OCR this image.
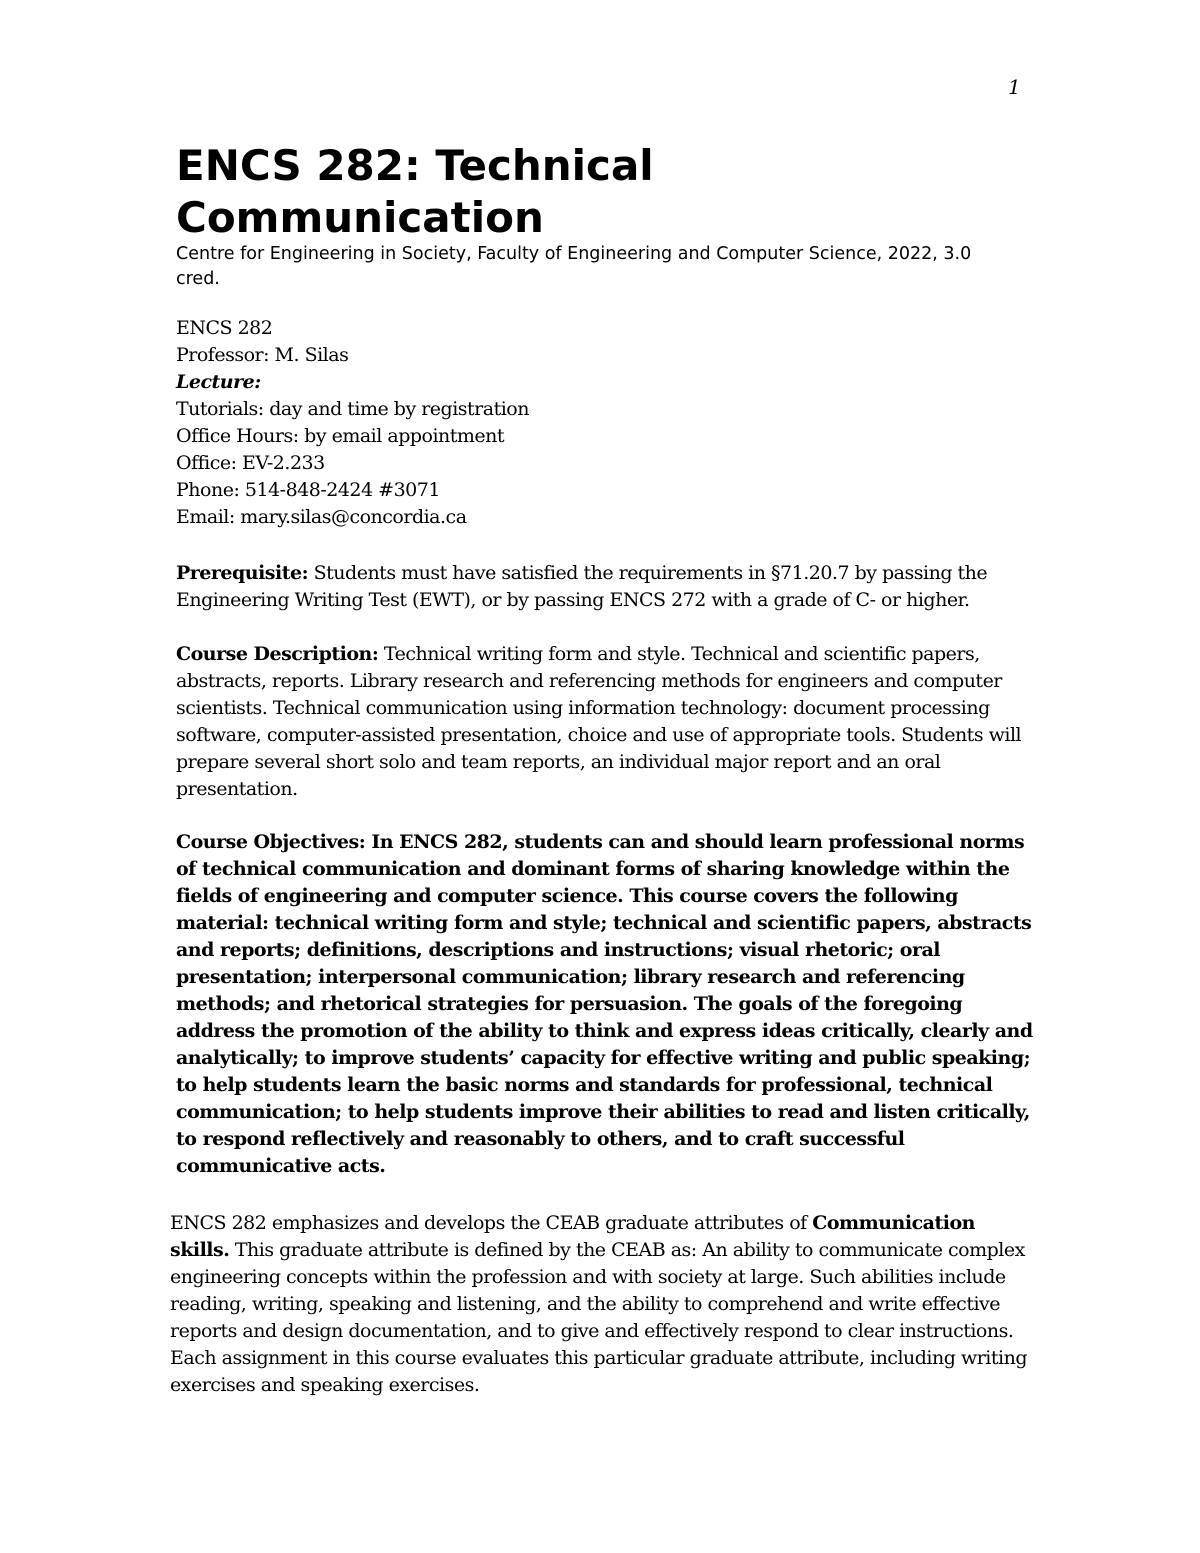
1
ENCS 282: Technical Communication

Centre for Engineering in Society, Faculty of Engineering and Computer Science, 2022, 3.0 cred.

ENCS 282
Professor: M. Silas
Lecture:
Tutorials: day and time by registration
Office Hours: by email appointment
Office: EV-2.233
Phone: 514-848-2424 #3071
Email: mary.silas@concordia.ca

Prerequisite: Students must have satisfied the requirements in §71.20.7 by passing the Engineering Writing Test (EWT), or by passing ENCS 272 with a grade of C- or higher.

Course Description: Technical writing form and style. Technical and scientific papers, abstracts, reports. Library research and referencing methods for engineers and computer scientists. Technical communication using information technology: document processing software, computer-assisted presentation, choice and use of appropriate tools. Students will prepare several short solo and team reports, an individual major report and an oral presentation.

Course Objectives: In ENCS 282, students can and should learn professional norms of technical communication and dominant forms of sharing knowledge within the fields of engineering and computer science. This course covers the following material: technical writing form and style; technical and scientific papers, abstracts and reports; definitions, descriptions and instructions; visual rhetoric; oral presentation; interpersonal communication; library research and referencing methods; and rhetorical strategies for persuasion. The goals of the foregoing address the promotion of the ability to think and express ideas critically, clearly and analytically; to improve students’ capacity for effective writing and public speaking; to help students learn the basic norms and standards for professional, technical communication; to help students improve their abilities to read and listen critically, to respond reflectively and reasonably to others, and to craft successful communicative acts.

ENCS 282 emphasizes and develops the CEAB graduate attributes of Communication skills. This graduate attribute is defined by the CEAB as: An ability to communicate complex engineering concepts within the profession and with society at large. Such abilities include reading, writing, speaking and listening, and the ability to comprehend and write effective reports and design documentation, and to give and effectively respond to clear instructions. Each assignment in this course evaluates this particular graduate attribute, including writing exercises and speaking exercises.
